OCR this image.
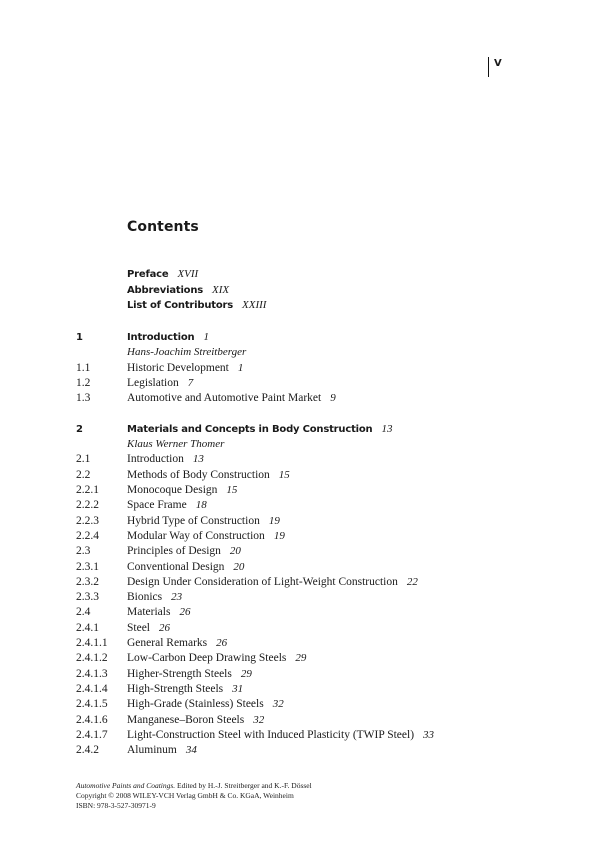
V
Contents
Preface XVII
Abbreviations XIX
List of Contributors XXIII
1	Introduction 1
Hans-Joachim Streitberger
1.1	Historic Development 1
1.2	Legislation 7
1.3	Automotive and Automotive Paint Market 9
2	Materials and Concepts in Body Construction 13
Klaus Werner Thomer
2.1	Introduction 13
2.2	Methods of Body Construction 15
2.2.1 Monocoque Design 15
2.2.2 Space Frame 18
2.2.3 Hybrid Type of Construction 19
2.2.4 Modular Way of Construction 19
2.3	Principles of Design 20
2.3.1 Conventional Design 20
2.3.2 Design Under Consideration of Light-Weight Construction 22
2.3.3 Bionics 23
2.4	Materials 26
2.4.1 Steel 26
2.4.1.1 General Remarks 26
2.4.1.2 Low-Carbon Deep Drawing Steels 29
2.4.1.3 Higher-Strength Steels 29
2.4.1.4 High-Strength Steels 31
2.4.1.5 High-Grade (Stainless) Steels 32
2.4.1.6 Manganese–Boron Steels 32
2.4.1.7 Light-Construction Steel with Induced Plasticity (TWIP Steel) 33
2.4.2 Aluminum 34
Automotive Paints and Coatings. Edited by H.-J. Streitberger and K.-F. Dössel
Copyright © 2008 WILEY-VCH Verlag GmbH & Co. KGaA, Weinheim
ISBN: 978-3-527-30971-9
